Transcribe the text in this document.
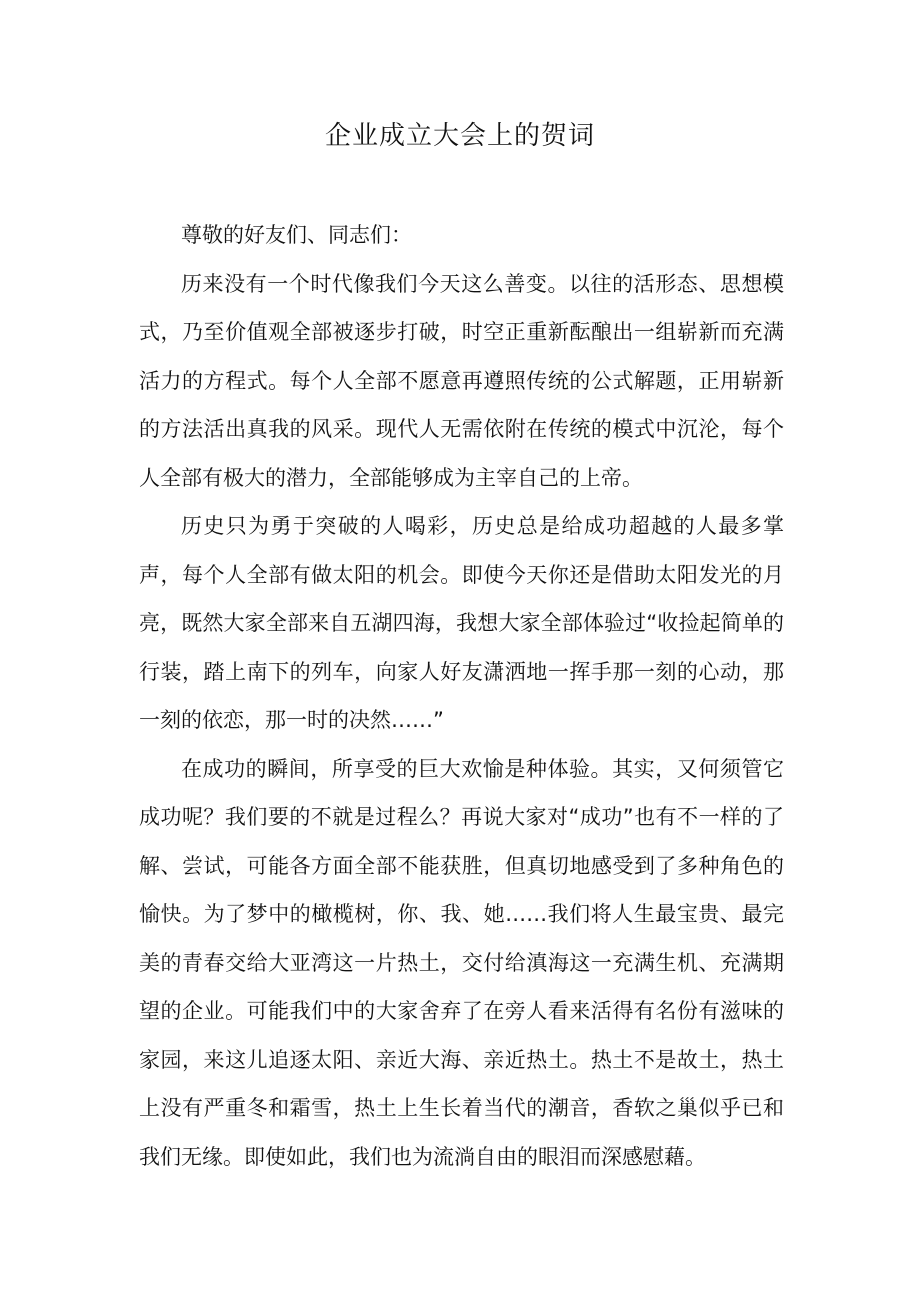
企业成立大会上的贺词

尊敬的好友们、同志们：

历来没有一个时代像我们今天这么善变。以往的活形态、思想模式，乃至价值观全部被逐步打破，时空正重新酝酿出一组崭新而充满活力的方程式。每个人全部不愿意再遵照传统的公式解题，正用崭新的方法活出真我的风采。现代人无需依附在传统的模式中沉沦，每个人全部有极大的潜力，全部能够成为主宰自己的上帝。

历史只为勇于突破的人喝彩，历史总是给成功超越的人最多掌声，每个人全部有做太阳的机会。即使今天你还是借助太阳发光的月亮，既然大家全部来自五湖四海，我想大家全部体验过“收捡起简单的行装，踏上南下的列车，向家人好友潇洒地一挥手那一刻的心动，那一刻的依恋，那一时的决然……”

在成功的瞬间，所享受的巨大欢愉是种体验。其实，又何须管它成功呢？我们要的不就是过程么？再说大家对“成功”也有不一样的了解、尝试，可能各方面全部不能获胜，但真切地感受到了多种角色的愉快。为了梦中的橄榄树，你、我、她……我们将人生最宝贵、最完美的青春交给大亚湾这一片热土，交付给滇海这一充满生机、充满期望的企业。可能我们中的大家舍弃了在旁人看来活得有名份有滋味的家园，来这儿追逐太阳、亲近大海、亲近热土。热土不是故土，热土上没有严重冬和霜雪，热土上生长着当代的潮音，香软之巢似乎已和我们无缘。即使如此，我们也为流淌自由的眼泪而深感慰藉。
